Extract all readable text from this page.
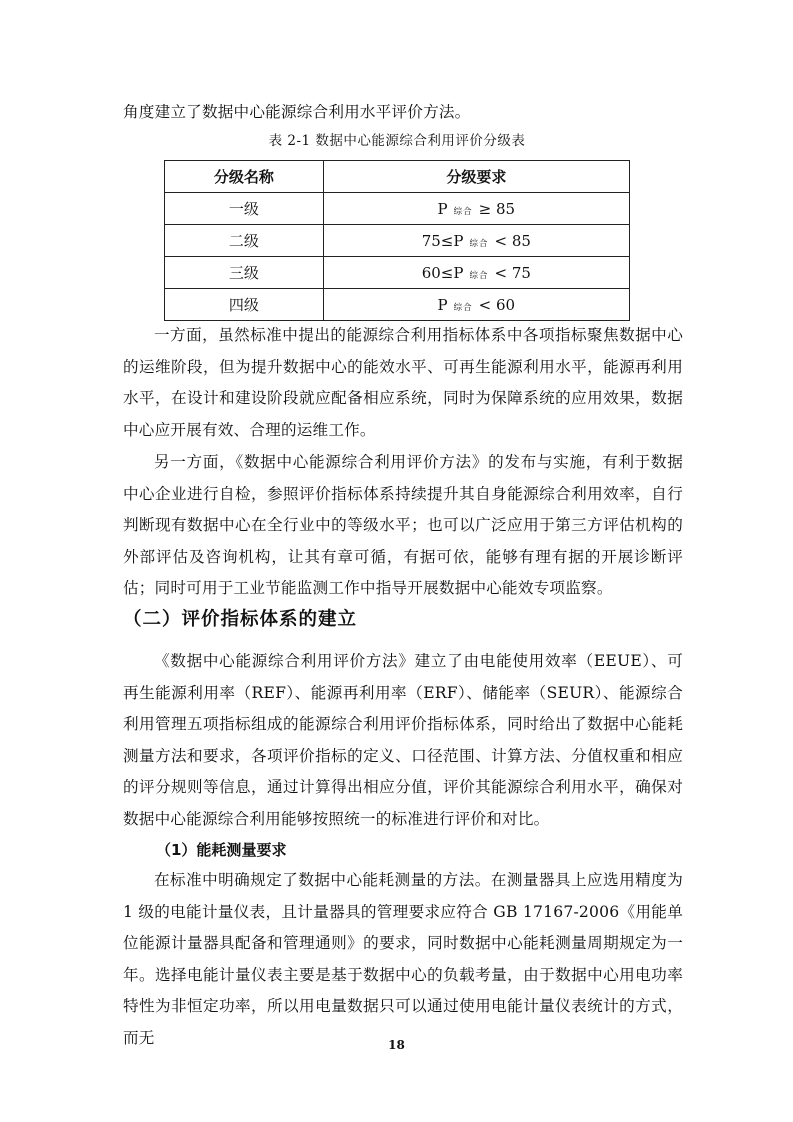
角度建立了数据中心能源综合利用水平评价方法。

表 2-1 数据中心能源综合利用评价分级表
分级名称	分级要求
一级	P 综合 ≥ 85
二级	75≤P 综合 < 85
三级	60≤P 综合 < 75
四级	P 综合 < 60

一方面，虽然标准中提出的能源综合利用指标体系中各项指标聚焦数据中心的运维阶段，但为提升数据中心的能效水平、可再生能源利用水平，能源再利用水平，在设计和建设阶段就应配备相应系统，同时为保障系统的应用效果，数据中心应开展有效、合理的运维工作。

另一方面，《数据中心能源综合利用评价方法》的发布与实施，有利于数据中心企业进行自检，参照评价指标体系持续提升其自身能源综合利用效率，自行判断现有数据中心在全行业中的等级水平；也可以广泛应用于第三方评估机构的外部评估及咨询机构，让其有章可循，有据可依，能够有理有据的开展诊断评估；同时可用于工业节能监测工作中指导开展数据中心能效专项监察。

（二）评价指标体系的建立

《数据中心能源综合利用评价方法》建立了由电能使用效率（EEUE）、可再生能源利用率（REF）、能源再利用率（ERF）、储能率（SEUR）、能源综合利用管理五项指标组成的能源综合利用评价指标体系，同时给出了数据中心能耗测量方法和要求，各项评价指标的定义、口径范围、计算方法、分值权重和相应的评分规则等信息，通过计算得出相应分值，评价其能源综合利用水平，确保对数据中心能源综合利用能够按照统一的标准进行评价和对比。

（1）能耗测量要求

在标准中明确规定了数据中心能耗测量的方法。在测量器具上应选用精度为 1 级的电能计量仪表，且计量器具的管理要求应符合 GB 17167-2006《用能单位能源计量器具配备和管理通则》的要求，同时数据中心能耗测量周期规定为一年。选择电能计量仪表主要是基于数据中心的负载考量，由于数据中心用电功率特性为非恒定功率，所以用电量数据只可以通过使用电能计量仪表统计的方式，而无	18
